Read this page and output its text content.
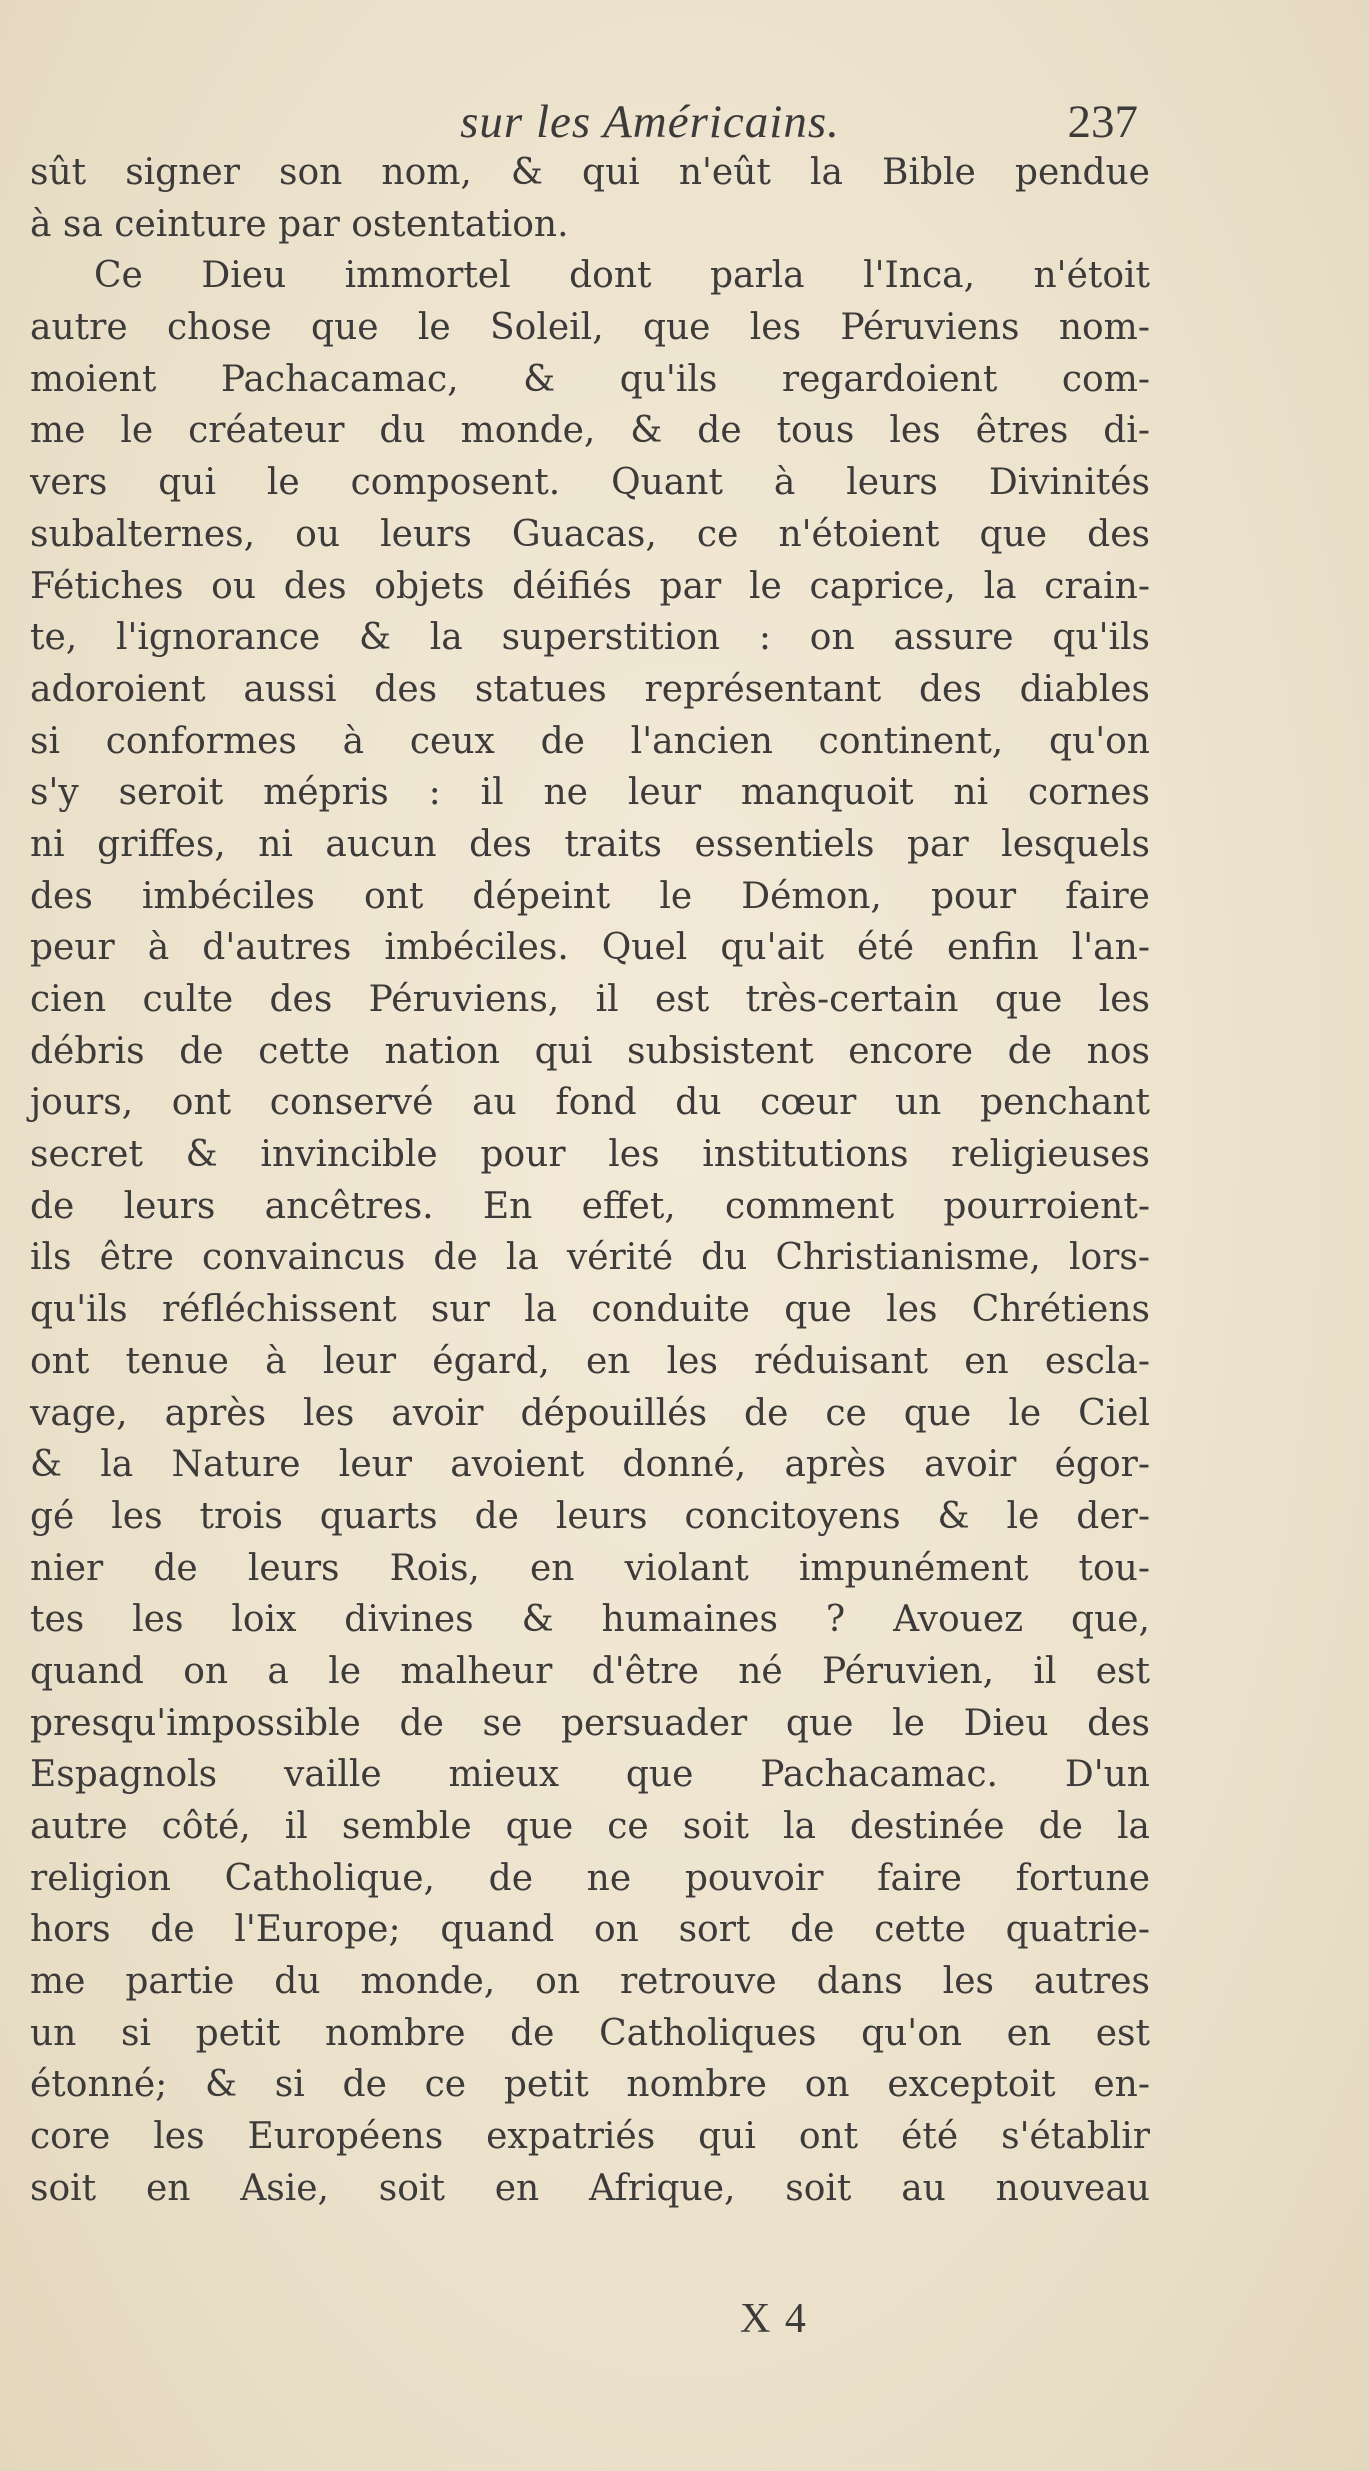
sur les Américains.	237
sût signer son nom, & qui n'eût la Bible pendue
à sa ceinture par ostentation.
Ce Dieu immortel dont parla l'Inca, n'étoit
autre chose que le Soleil, que les Péruviens nom-
moient Pachacamac, & qu'ils regardoient com-
me le créateur du monde, & de tous les êtres di-
vers qui le composent. Quant à leurs Divinités
subalternes, ou leurs Guacas, ce n'étoient que des
Fétiches ou des objets déifiés par le caprice, la crain-
te, l'ignorance & la superstition : on assure qu'ils
adoroient aussi des statues représentant des diables
si conformes à ceux de l'ancien continent, qu'on
s'y seroit mépris : il ne leur manquoit ni cornes
ni griffes, ni aucun des traits essentiels par lesquels
des imbéciles ont dépeint le Démon, pour faire
peur à d'autres imbéciles. Quel qu'ait été enfin l'an-
cien culte des Péruviens, il est très-certain que les
débris de cette nation qui subsistent encore de nos
jours, ont conservé au fond du cœur un penchant
secret & invincible pour les institutions religieuses
de leurs ancêtres. En effet, comment pourroient-
ils être convaincus de la vérité du Christianisme, lors-
qu'ils réfléchissent sur la conduite que les Chrétiens
ont tenue à leur égard, en les réduisant en escla-
vage, après les avoir dépouillés de ce que le Ciel
& la Nature leur avoient donné, après avoir égor-
gé les trois quarts de leurs concitoyens & le der-
nier de leurs Rois, en violant impunément tou-
tes les loix divines & humaines ? Avouez que,
quand on a le malheur d'être né Péruvien, il est
presqu'impossible de se persuader que le Dieu des
Espagnols vaille mieux que Pachacamac. D'un
autre côté, il semble que ce soit la destinée de la
religion Catholique, de ne pouvoir faire fortune
hors de l'Europe; quand on sort de cette quatrie-
me partie du monde, on retrouve dans les autres
un si petit nombre de Catholiques qu'on en est
étonné; & si de ce petit nombre on exceptoit en-
core les Européens expatriés qui ont été s'établir
soit en Asie, soit en Afrique, soit au nouveau
X 4
